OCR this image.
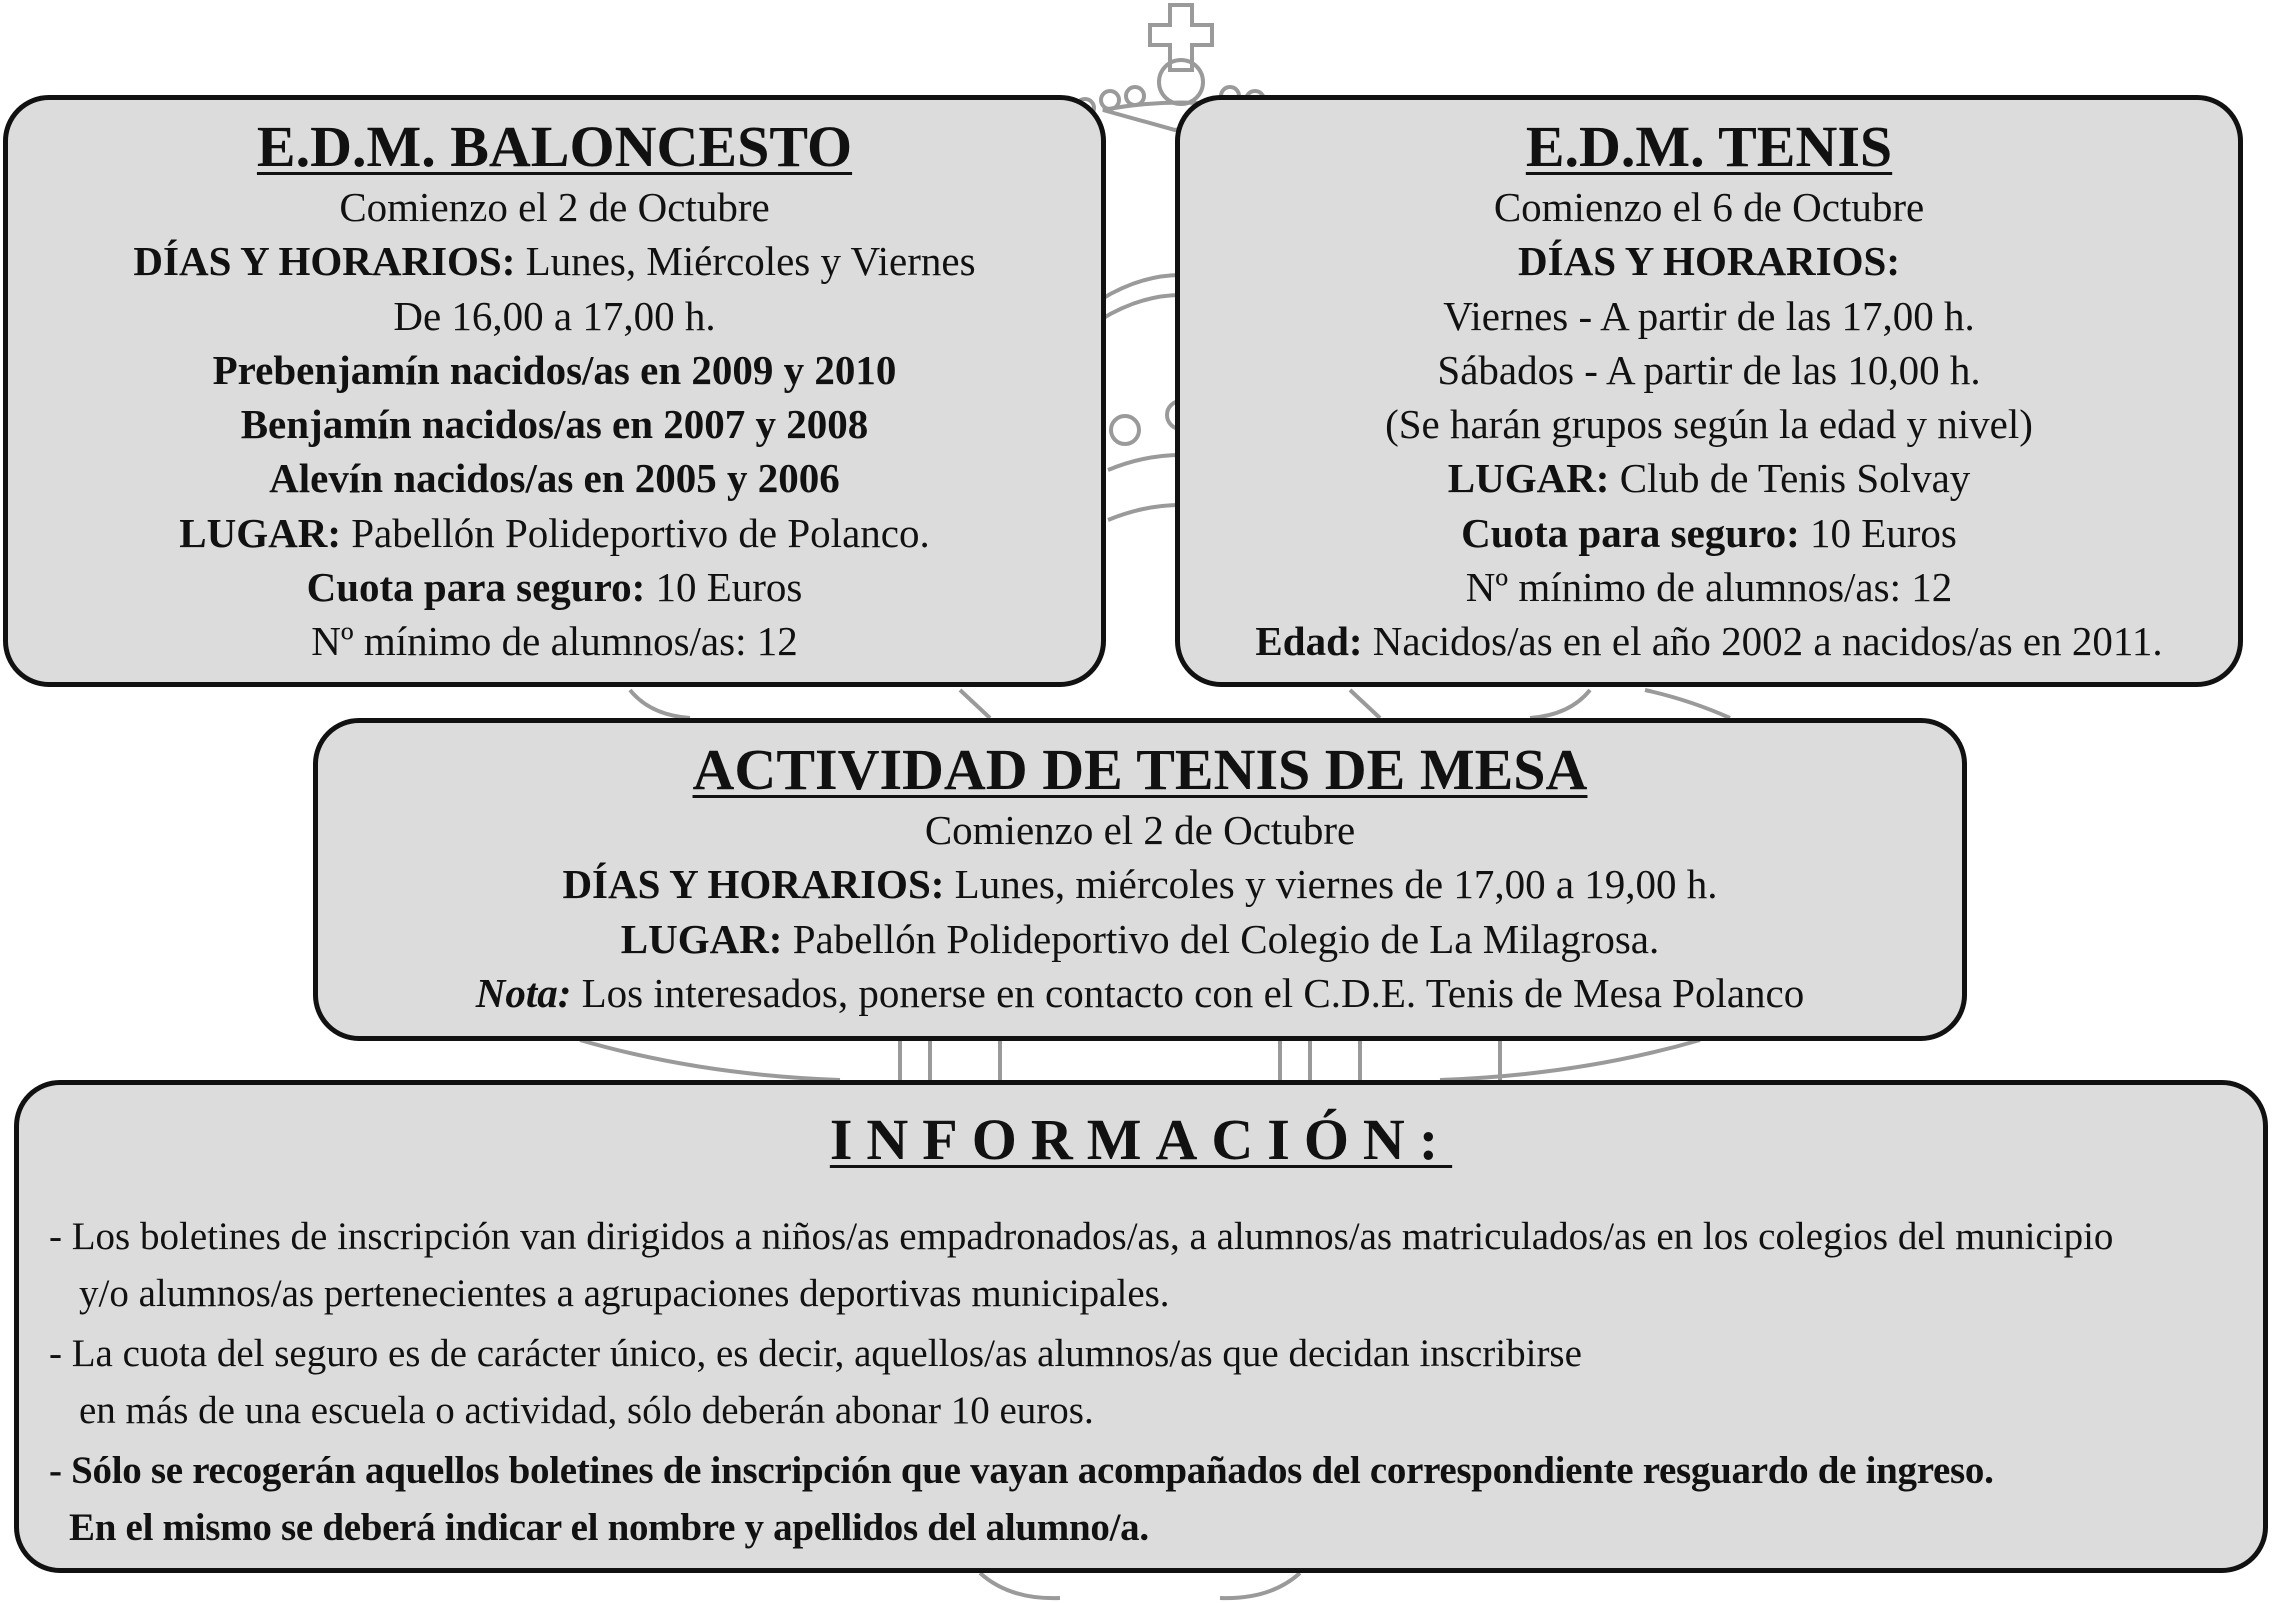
E.D.M. BALONCESTO

Comienzo el 2 de Octubre

DÍAS Y HORARIOS: Lunes, Miércoles y Viernes

De 16,00 a 17,00 h.

Prebenjamín nacidos/as en 2009 y 2010

Benjamín nacidos/as en 2007 y 2008

Alevín nacidos/as en 2005 y 2006

LUGAR: Pabellón Polideportivo de Polanco.

Cuota para seguro: 10 Euros

Nº mínimo de alumnos/as: 12

E.D.M. TENIS

Comienzo el 6 de Octubre

DÍAS Y HORARIOS:

Viernes - A partir de las 17,00 h.

Sábados - A partir de las 10,00 h.

(Se harán grupos según la edad y nivel)

LUGAR: Club de Tenis Solvay

Cuota para seguro: 10 Euros

Nº mínimo de alumnos/as: 12

Edad: Nacidos/as en el año 2002 a nacidos/as en 2011.

ACTIVIDAD DE TENIS DE MESA

Comienzo el 2 de Octubre

DÍAS Y HORARIOS: Lunes, miércoles y viernes de 17,00 a 19,00 h.

LUGAR: Pabellón Polideportivo del Colegio de La Milagrosa.

Nota: Los interesados, ponerse en contacto con el C.D.E. Tenis de Mesa Polanco

INFORMACIÓN:

- Los boletines de inscripción van dirigidos a niños/as empadronados/as, a alumnos/as matriculados/as en los colegios del municipio
y/o alumnos/as pertenecientes a agrupaciones deportivas municipales.

- La cuota del seguro es de carácter único, es decir, aquellos/as alumnos/as que decidan inscribirse
en más de una escuela o actividad, sólo deberán abonar 10 euros.

- Sólo se recogerán aquellos boletines de inscripción que vayan acompañados del correspondiente resguardo de ingreso.
En el mismo se deberá indicar el nombre y apellidos del alumno/a.
